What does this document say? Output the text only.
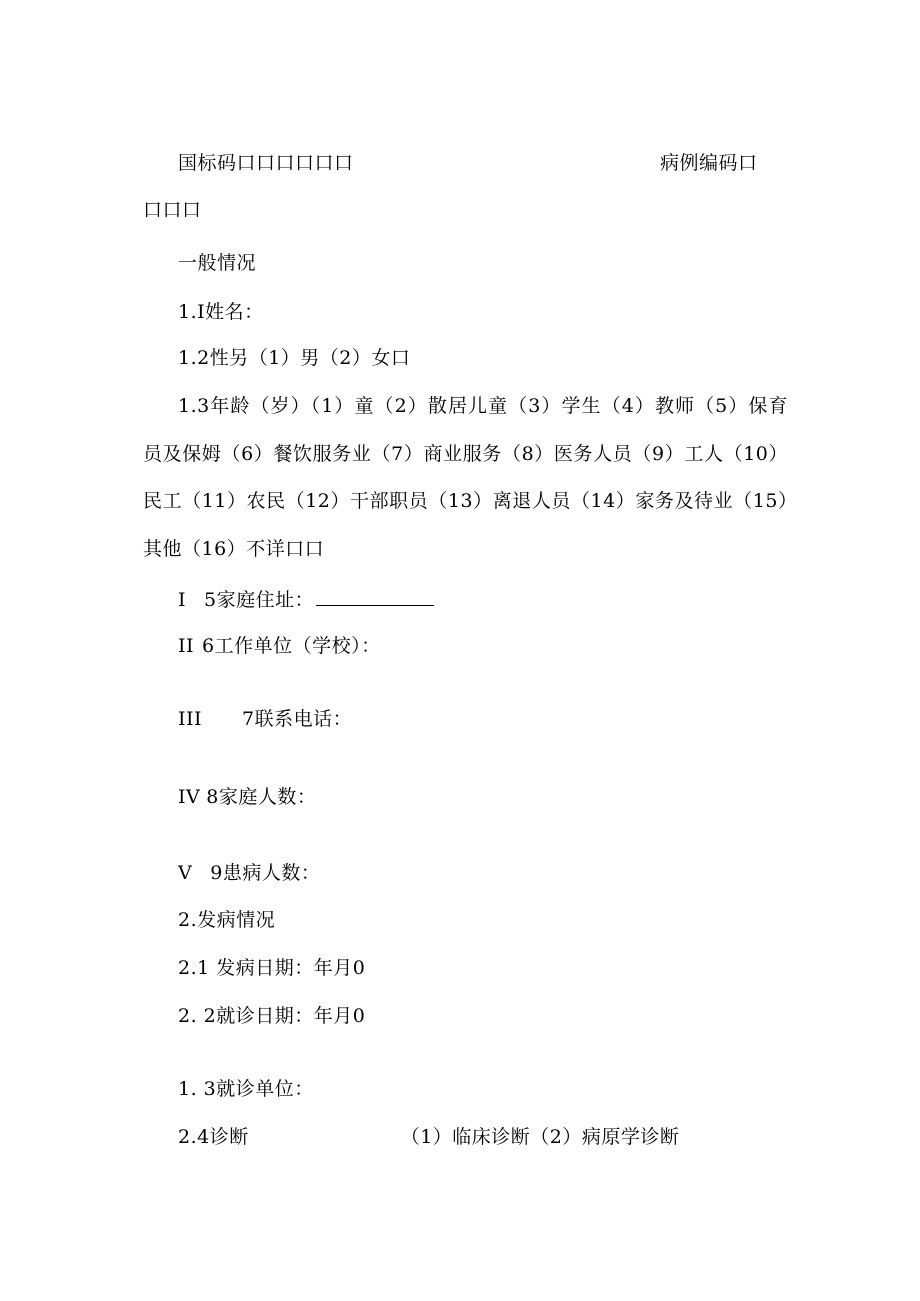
国标码口口口口口口	病例编码口
口口口
一般情况
1.I姓名：
1.2性另（1）男（2）女口
1.3年龄（岁）（1）童（2）散居儿童（3）学生（4）教师（5）保育员及保姆（6）餐饮服务业（7）商业服务（8）医务人员（9）工人（10）民工（11）农民（12）干部职员（13）离退人员（14）家务及待业（15）其他（16）不详口口
I 5家庭住址：
II 6工作单位（学校）：
III 7联系电话：
IV 8家庭人数：
V 9患病人数：
2.发病情况
2.1 发病日期：年月0
2. 2就诊日期：年月0
1. 3就诊单位：
2.4诊断	（1）临床诊断（2）病原学诊断
